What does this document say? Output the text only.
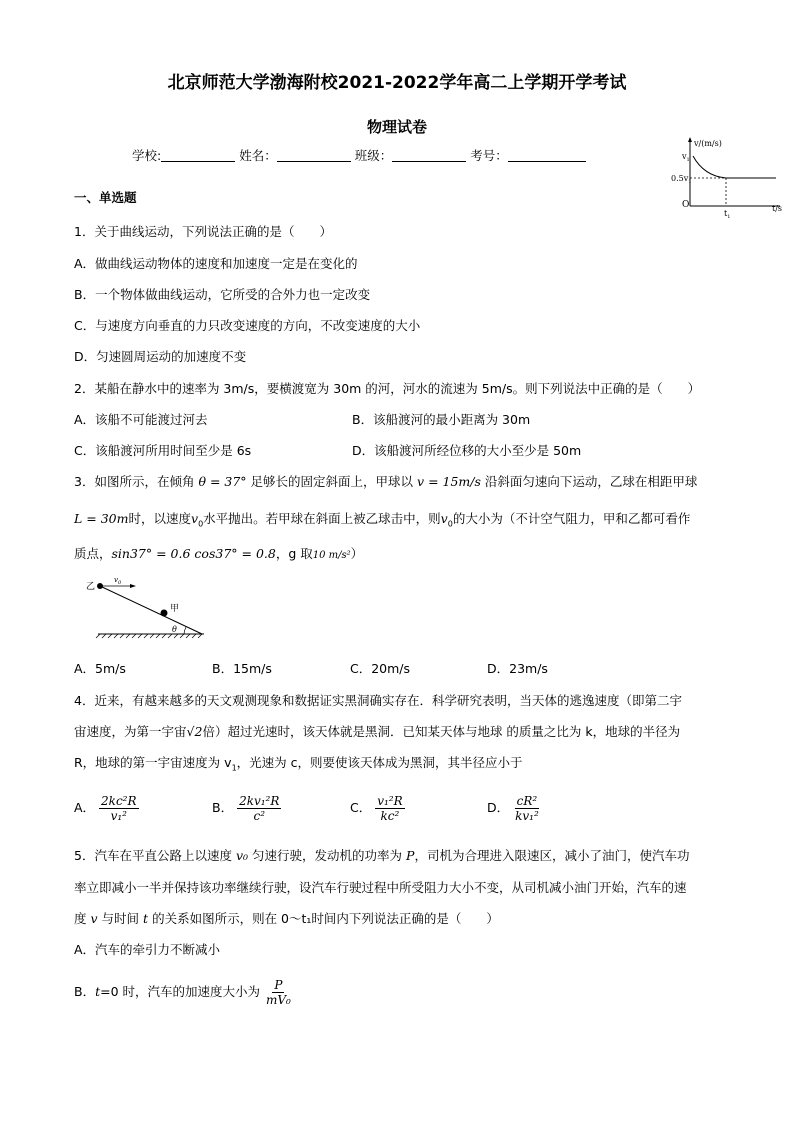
北京师范大学渤海附校2021-2022学年高二上学期开学考试
物理试卷
学校:	姓名：	班级：	考号：
v/(m/s)
$v_1$
$0.5v_1$
O
$t_1$
t/s
一、单选题
1．关于曲线运动，下列说法正确的是（　　）
A．做曲线运动物体的速度和加速度一定是在变化的
B．一个物体做曲线运动，它所受的合外力也一定改变
C．与速度方向垂直的力只改变速度的方向，不改变速度的大小
D．匀速圆周运动的加速度不变
2．某船在静水中的速率为 3m/s，要横渡宽为 30m 的河，河水的流速为 5m/s。则下列说法中正确的是（　　）
A．该船不可能渡过河去	B．该船渡河的最小距离为 30m
C．该船渡河所用时间至少是 6s	D．该船渡河所经位移的大小至少是 50m
3．如图所示，在倾角 θ = 37° 足够长的固定斜面上，甲球以 v = 15m/s 沿斜面匀速向下运动，乙球在相距甲球
L = 30m时，以速度$v_0$水平抛出。若甲球在斜面上被乙球击中，则$v_0$的大小为（不计空气阻力，甲和乙都可看作
质点，sin37° = 0.6 cos37° = 0.8，g 取10 m/s²）
乙
甲
$v_0$
θ
A．5m/s	B．15m/s	C．20m/s	D．23m/s
4．近来，有越来越多的天文观测现象和数据证实黑洞确实存在．科学研究表明，当天体的逃逸速度（即第二宇
宙速度，为第一宇宙√2倍）超过光速时，该天体就是黑洞．已知某天体与地球 的质量之比为 k，地球的半径为
R，地球的第一宇宙速度为 $v_1$，光速为 c，则要使该天体成为黑洞，其半径应小于
A． $\frac{\text{2kc²R}}{\text{v₁²}}$	B． $\frac{\text{2kv₁²R}}{\text{c²}}$	C． $\frac{\text{v₁²R}}{\text{kc²}}$	D． $\frac{\text{cR²}}{\text{kv₁²}}$
5．汽车在平直公路上以速度 v₀ 匀速行驶，发动机的功率为 P，司机为合理进入限速区，减小了油门，使汽车功
率立即减小一半并保持该功率继续行驶，设汽车行驶过程中所受阻力大小不变，从司机减小油门开始，汽车的速
度 v 与时间 t 的关系如图所示，则在 0～t₁时间内下列说法正确的是（　　）
A．汽车的牵引力不断减小
B．t=0 时，汽车的加速度大小为 $\frac{P}{\text{mV₀}}$
